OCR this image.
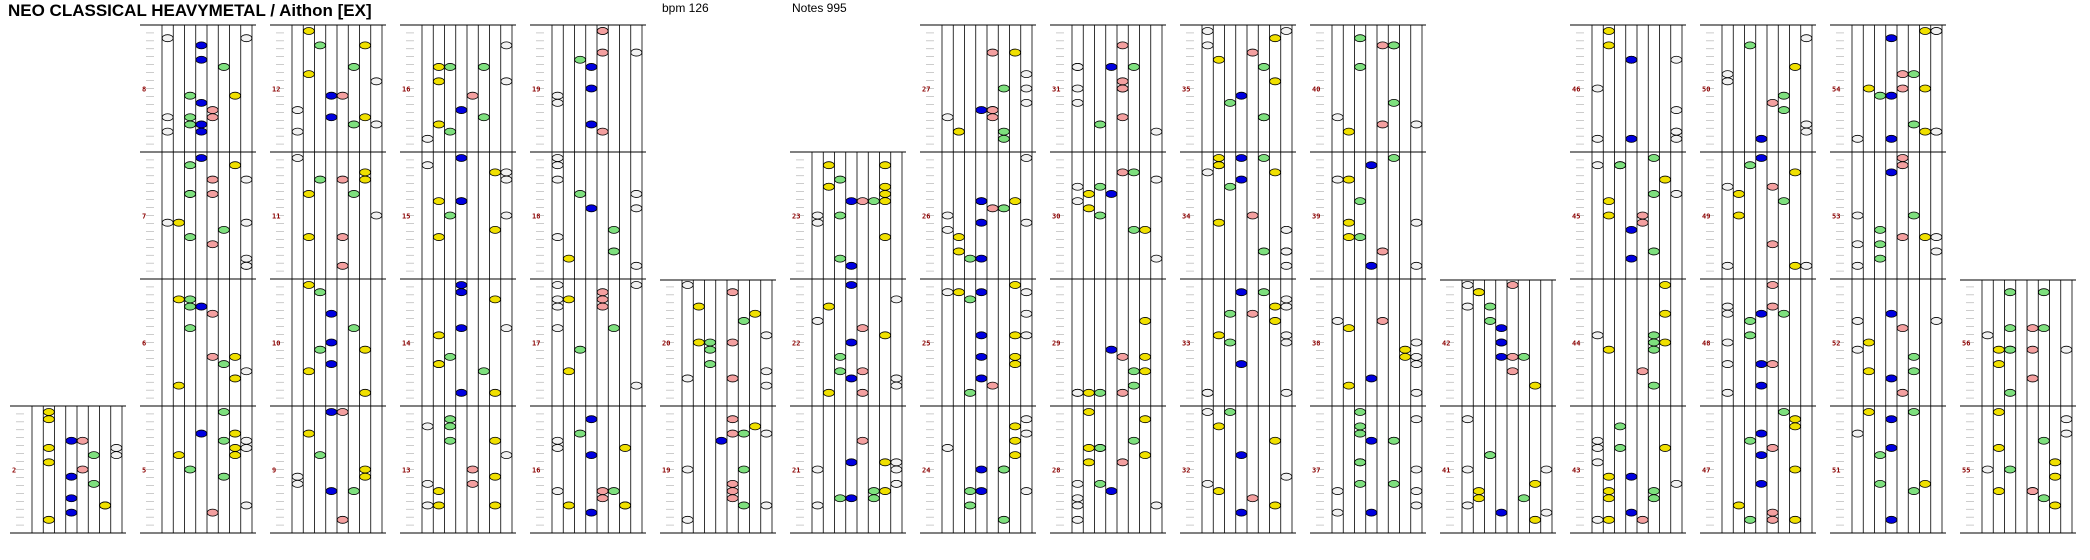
NEO CLASSICAL HEAVYMETAL / Aithon [EX]	bpm 126	Notes 995
2
8
7
6
5
12
11
10
9
16
15
14
13
19
18
17
16
20
19
23
22
21
27
26
25
24
31
30
29
28
35
34
33
32
40
39
38
37
42
41
46
45
44
43
50
49
48
47
54
53
52
51
56
55
